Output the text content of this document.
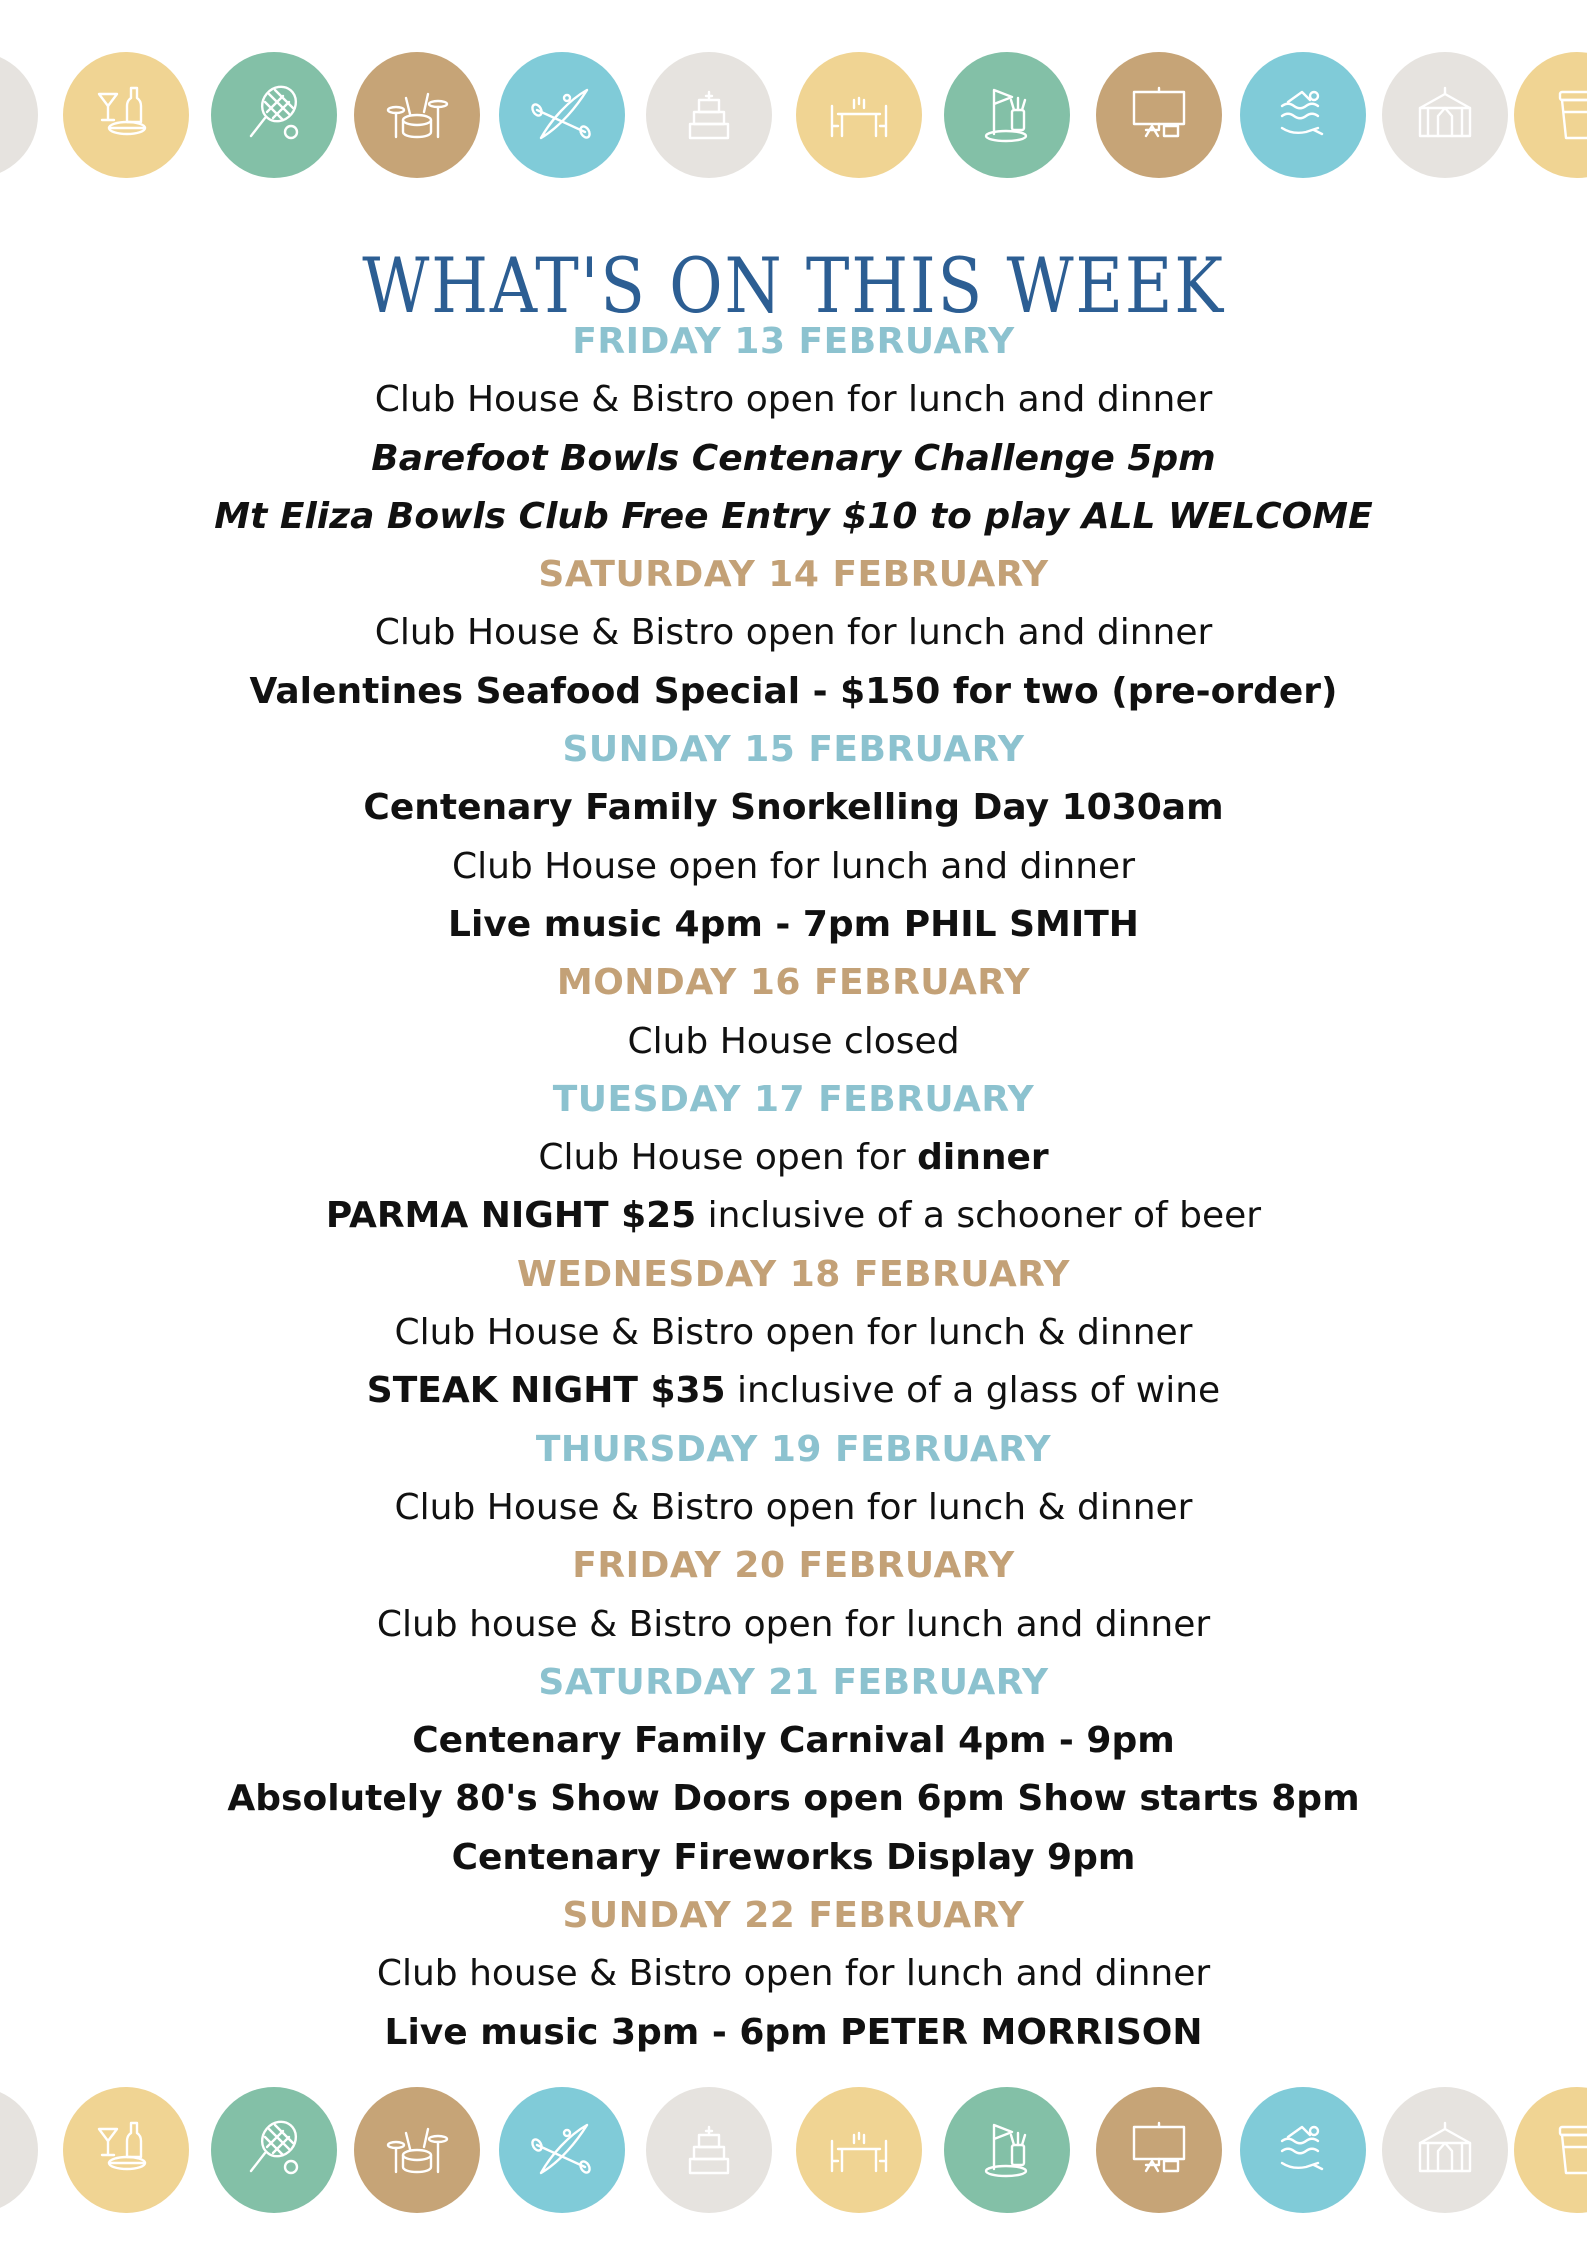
WHAT'S ON THIS WEEK
FRIDAY 13 FEBRUARY
Club House & Bistro open for lunch and dinner
Barefoot Bowls Centenary Challenge 5pm
Mt Eliza Bowls Club Free Entry $10 to play ALL WELCOME
SATURDAY 14 FEBRUARY
Club House & Bistro open for lunch and dinner
Valentines Seafood Special - $150 for two (pre-order)
SUNDAY 15 FEBRUARY
Centenary Family Snorkelling Day 1030am
Club House open for lunch and dinner
Live music 4pm - 7pm PHIL SMITH
MONDAY 16 FEBRUARY
Club House closed
TUESDAY 17 FEBRUARY
Club House open for dinner
PARMA NIGHT $25 inclusive of a schooner of beer
WEDNESDAY 18 FEBRUARY
Club House & Bistro open for lunch & dinner
STEAK NIGHT $35 inclusive of a glass of wine
THURSDAY 19 FEBRUARY
Club House & Bistro open for lunch & dinner
FRIDAY 20 FEBRUARY
Club house & Bistro open for lunch and dinner
SATURDAY 21 FEBRUARY
Centenary Family Carnival 4pm - 9pm
Absolutely 80's Show Doors open 6pm Show starts 8pm
Centenary Fireworks Display 9pm
SUNDAY 22 FEBRUARY
Club house & Bistro open for lunch and dinner
Live music 3pm - 6pm PETER MORRISON
